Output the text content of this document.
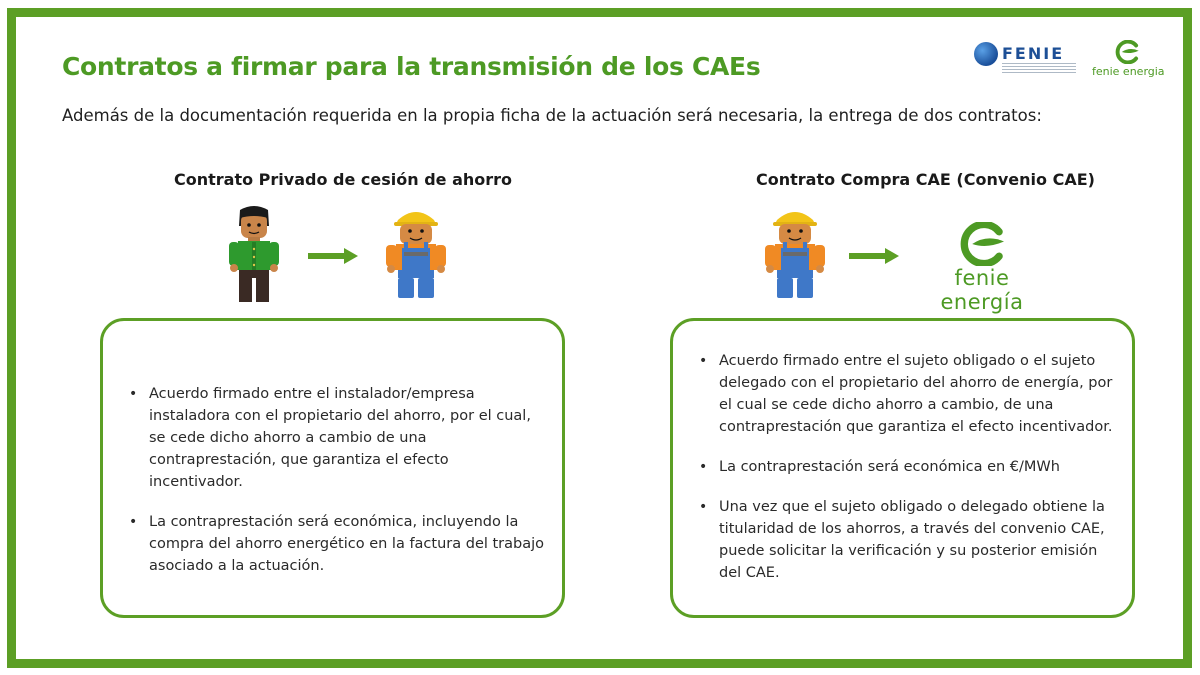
Contratos a firmar para la transmisión de los CAEs
Además de la documentación requerida en la propia ficha de la actuación será necesaria, la entrega de dos contratos:
FENIE
fenie energia
Contrato Privado de cesión de ahorro	Contrato Compra CAE (Convenio CAE)
fenie energía
• Acuerdo firmado entre el instalador/empresa instaladora con el propietario del ahorro, por el cual, se cede dicho ahorro a cambio de una contraprestación, que garantiza el efecto incentivador.
• La contraprestación será económica, incluyendo la compra del ahorro energético en la factura del trabajo asociado a la actuación.
• Acuerdo firmado entre el sujeto obligado o el sujeto delegado con el propietario del ahorro de energía, por el cual se cede dicho ahorro a cambio, de una contraprestación que garantiza el efecto incentivador.
• La contraprestación será económica en €/MWh
• Una vez que el sujeto obligado o delegado obtiene la titularidad de los ahorros, a través del convenio CAE, puede solicitar la verificación y su posterior emisión del CAE.
